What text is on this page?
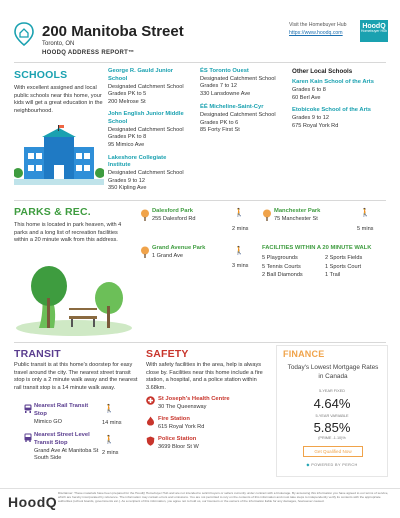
200 Manitoba Street
Toronto, ON
HOODQ ADDRESS REPORT™
Visit the Homebuyer Hub
https://www.hoodq.com
HoodQ
Homebuyer Hub
SCHOOLS
With excellent assigned and local public schools near this home, your kids will get a great education in the neighbourhood.
George R. Gauld Junior School
Designated Catchment School
Grades PK to 5
200 Melrose St
John English Junior Middle School
Designated Catchment School
Grades PK to 8
95 Mimico Ave
Lakeshore Collegiate Institute
Designated Catchment School
Grades 9 to 12
350 Kipling Ave
ÉS Toronto Ouest
Designated Catchment School
Grades 7 to 12
330 Lansdowne Ave
ÉÉ Micheline-Saint-Cyr
Designated Catchment School
Grades PK to 6
85 Forty First St
Other Local Schools
Karen Kain School of the Arts
Grades 6 to 8
60 Berl Ave
Etobicoke School of the Arts
Grades 9 to 12
675 Royal York Rd
PARKS & REC.
This home is located in park heaven, with 4 parks and a long list of recreation facilities within a 20 minute walk from this address.
Dalesford Park
255 Dalesford Rd
🚶
2 mins
Grand Avenue Park
1 Grand Ave
🚶
3 mins
Manchester Park
75 Manchester St
🚶
5 mins
FACILITIES WITHIN A 20 MINUTE WALK
5 Playgrounds	2 Sports Fields
5 Tennis Courts	1 Sports Court
2 Ball Diamonds	1 Trail
TRANSIT
Public transit is at this home's doorstep for easy travel around the city. The nearest street transit stop is only a 2 minute walk away and the nearest rail transit stop is a 14 minute walk away.
Nearest Rail Transit Stop
Mimico GO
🚶
14 mins
Nearest Street Level Transit Stop
Grand Ave At Manitoba St South Side
🚶
2 mins
SAFETY
With safety facilities in the area, help is always close by. Facilities near this home include a fire station, a hospital, and a police station within 3.68km.
St Joseph's Health Centre
30 The Queensway
Fire Station
615 Royal York Rd
Police Station
3699 Bloor St W
FINANCE
Today's Lowest Mortgage Rates in Canada
5-YEAR FIXED
4.64%
5-YEAR VARIABLE
5.85%
(PRIME -1.10)%
Get Qualified Now
◆ POWERED BY PERCH
HoodQ
Disclaimer: These materials have been prepared for the HoodQ Homebuyer Hub and are not intended to solicit buyers or sellers currently under contract with a brokerage. By accessing this information you have agreed to our terms of service, which are hereby incorporated by reference. The information may contain errors and omissions. You are not permitted to rely on the contents of this information and must take steps to independently verify its contents with the appropriate authorities (school boards, governments etc.). As a recipient of this information, you agree not to hold us, our licensors or the owners of the information liable for any damages, howsoever caused.
